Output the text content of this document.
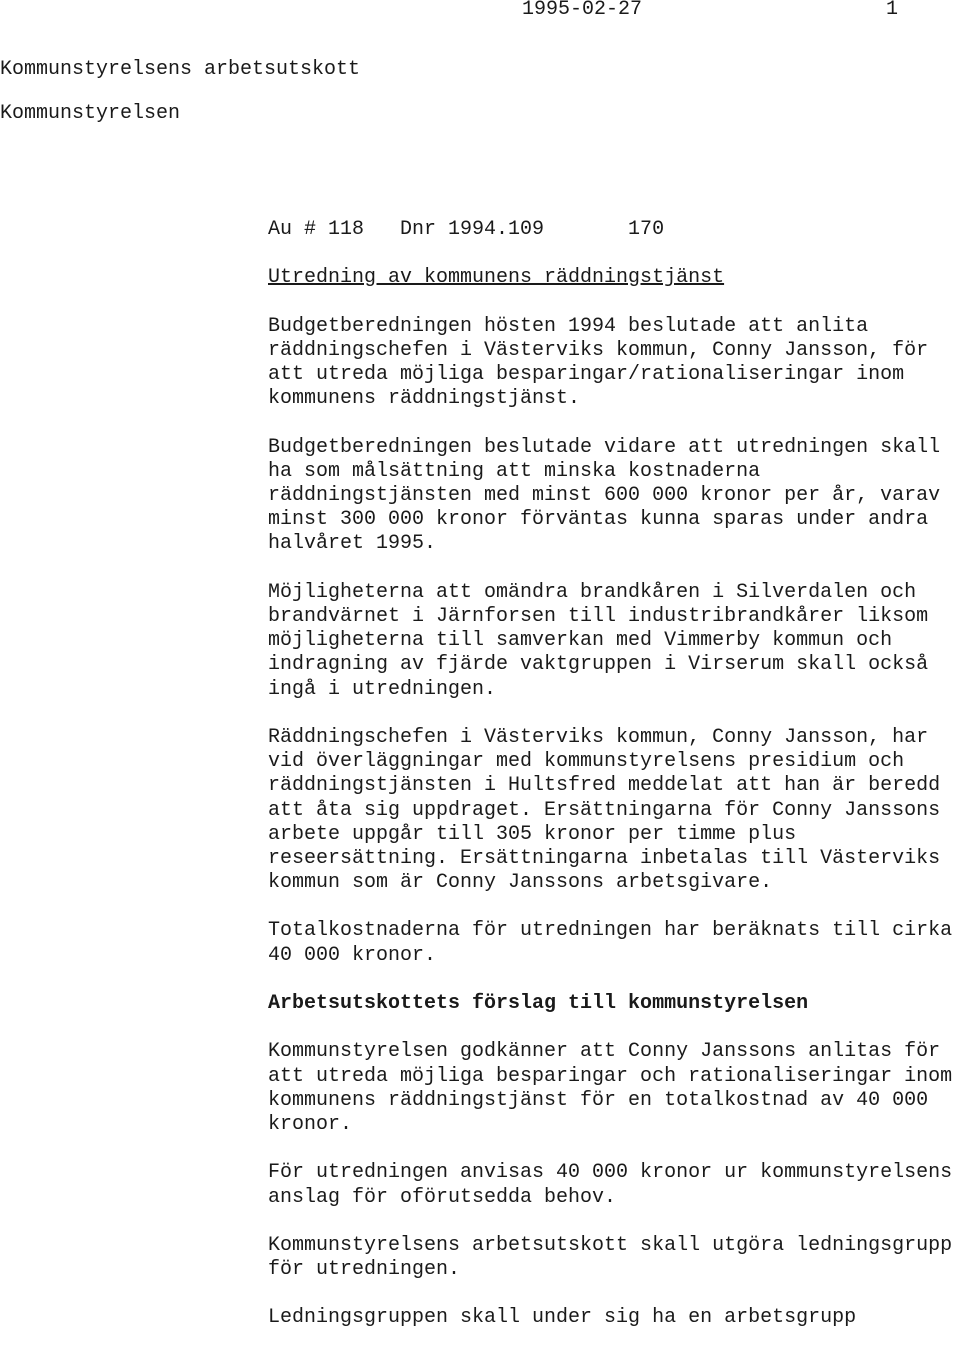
1995-02-27	1
Kommunstyrelsens arbetsutskott
Kommunstyrelsen
Au # 118   Dnr 1994.109       170
Utredning av kommunens räddningstjänst
Budgetberedningen hösten 1994 beslutade att anlita
räddningschefen i Västerviks kommun, Conny Jansson, för
att utreda möjliga besparingar/rationaliseringar inom
kommunens räddningstjänst.
Budgetberedningen beslutade vidare att utredningen skall
ha som målsättning att minska kostnaderna
räddningstjänsten med minst 600 000 kronor per år, varav
minst 300 000 kronor förväntas kunna sparas under andra
halvåret 1995.
Möjligheterna att omändra brandkåren i Silverdalen och
brandvärnet i Järnforsen till industribrandkårer liksom
möjligheterna till samverkan med Vimmerby kommun och
indragning av fjärde vaktgruppen i Virserum skall också
ingå i utredningen.
Räddningschefen i Västerviks kommun, Conny Jansson, har
vid överläggningar med kommunstyrelsens presidium och
räddningstjänsten i Hultsfred meddelat att han är beredd
att åta sig uppdraget. Ersättningarna för Conny Janssons
arbete uppgår till 305 kronor per timme plus
reseersättning. Ersättningarna inbetalas till Västerviks
kommun som är Conny Janssons arbetsgivare.
Totalkostnaderna för utredningen har beräknats till cirka
40 000 kronor.
Arbetsutskottets förslag till kommunstyrelsen
Kommunstyrelsen godkänner att Conny Janssons anlitas för
att utreda möjliga besparingar och rationaliseringar inom
kommunens räddningstjänst för en totalkostnad av 40 000
kronor.
För utredningen anvisas 40 000 kronor ur kommunstyrelsens
anslag för oförutsedda behov.
Kommunstyrelsens arbetsutskott skall utgöra ledningsgrupp
för utredningen.
Ledningsgruppen skall under sig ha en arbetsgrupp
